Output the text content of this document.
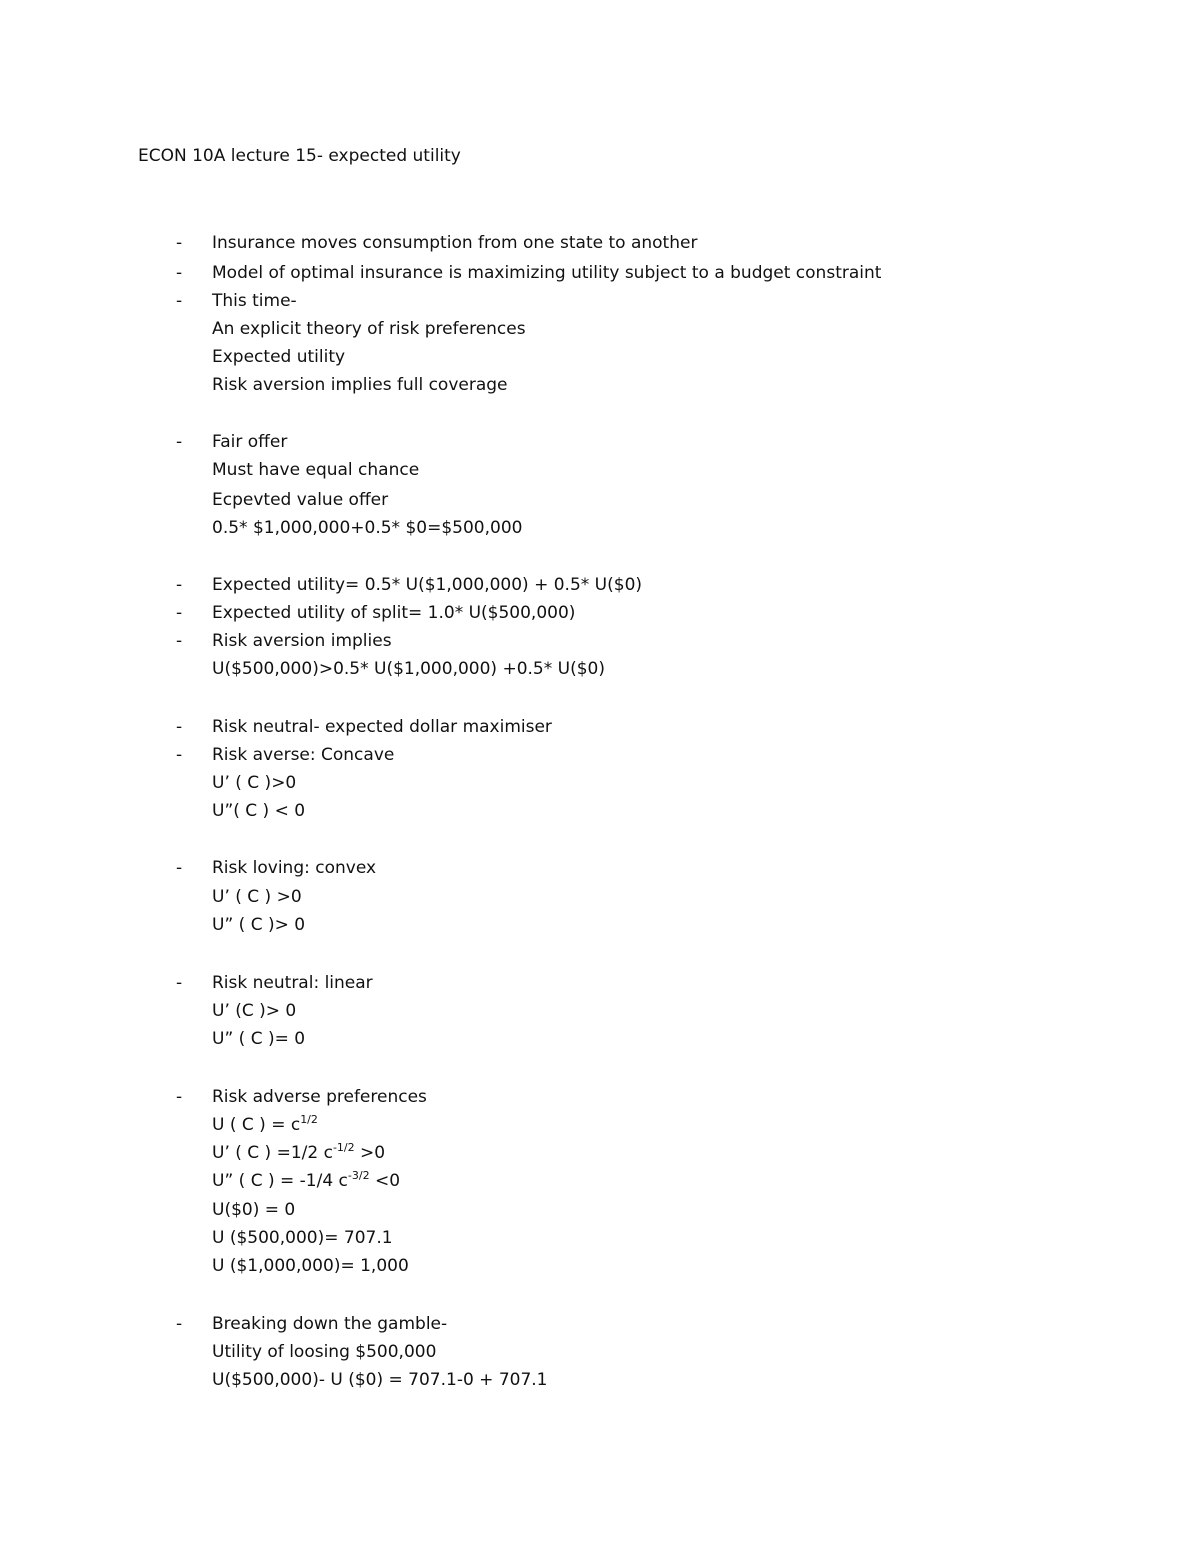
ECON 10A lecture 15- expected utility
- Insurance moves consumption from one state to another
- Model of optimal insurance is maximizing utility subject to a budget constraint
- This time-
An explicit theory of risk preferences
Expected utility
Risk aversion implies full coverage
- Fair offer
Must have equal chance
Ecpevted value offer
0.5* $1,000,000+0.5* $0=$500,000
- Expected utility= 0.5* U($1,000,000) + 0.5* U($0)
- Expected utility of split= 1.0* U($500,000)
- Risk aversion implies
U($500,000)>0.5* U($1,000,000) +0.5* U($0)
- Risk neutral- expected dollar maximiser
- Risk averse: Concave
U’ ( C )>0
U”( C ) < 0
- Risk loving: convex
U’ ( C ) >0
U” ( C )> 0
- Risk neutral: linear
U’ (C )> 0
U” ( C )= 0
- Risk adverse preferences
U ( C ) = $c^{1/2}$
U’ ( C ) =1/2 $c^{-1/2} >0$
U” ( C ) = -1/4 $c^{-3/2} <0$
U($0) = 0
U ($500,000)= 707.1
U ($1,000,000)= 1,000
- Breaking down the gamble-
Utility of loosing $500,000
U($500,000)- U ($0) = 707.1-0 + 707.1
